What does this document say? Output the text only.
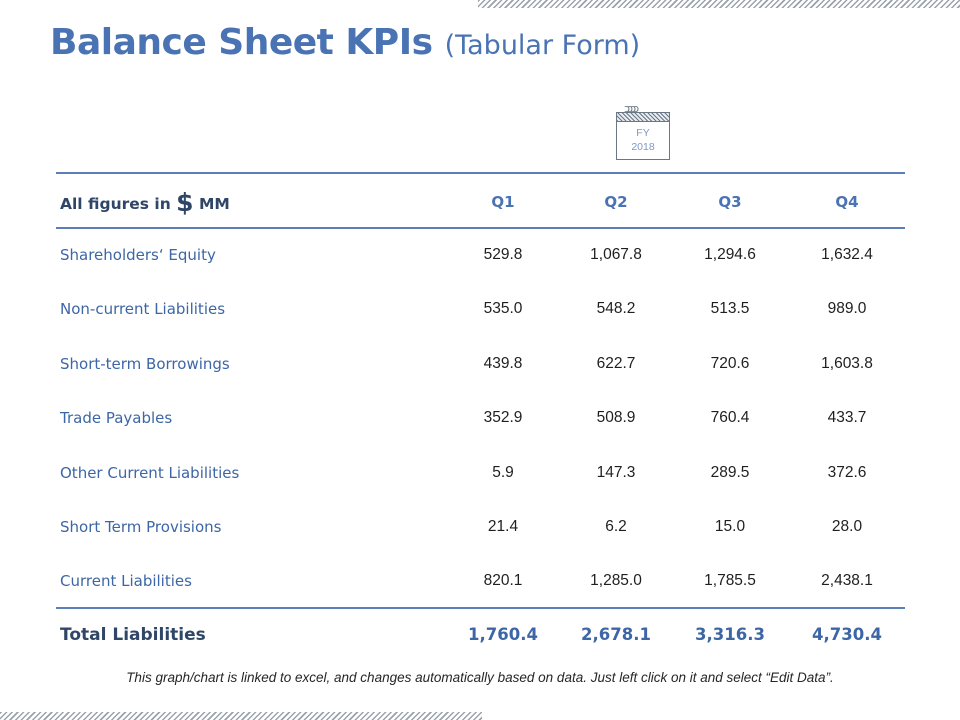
Balance Sheet KPIs (Tabular Form)
FY
2018
ↄↄↄↄ
All figures in $ MM	Q1	Q2	Q3	Q4
Shareholders‘ Equity	529.8	1,067.8	1,294.6	1,632.4
Non-current Liabilities	535.0	548.2	513.5	989.0
Short-term Borrowings	439.8	622.7	720.6	1,603.8
Trade Payables	352.9	508.9	760.4	433.7
Other Current Liabilities	5.9	147.3	289.5	372.6
Short Term Provisions	21.4	6.2	15.0	28.0
Current Liabilities	820.1	1,285.0	1,785.5	2,438.1
Total Liabilities	1,760.4	2,678.1	3,316.3	4,730.4
This graph/chart is linked to excel, and changes automatically based on data. Just left click on it and select “Edit Data”.
